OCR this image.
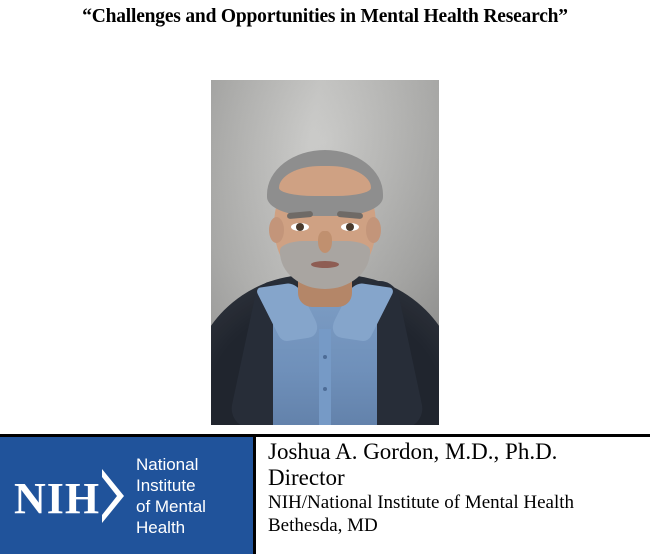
“Challenges and Opportunities in Mental Health Research”
NIH
National Institute
of Mental Health
Joshua A. Gordon, M.D., Ph.D.
Director
NIH/National Institute of Mental Health
Bethesda, MD
